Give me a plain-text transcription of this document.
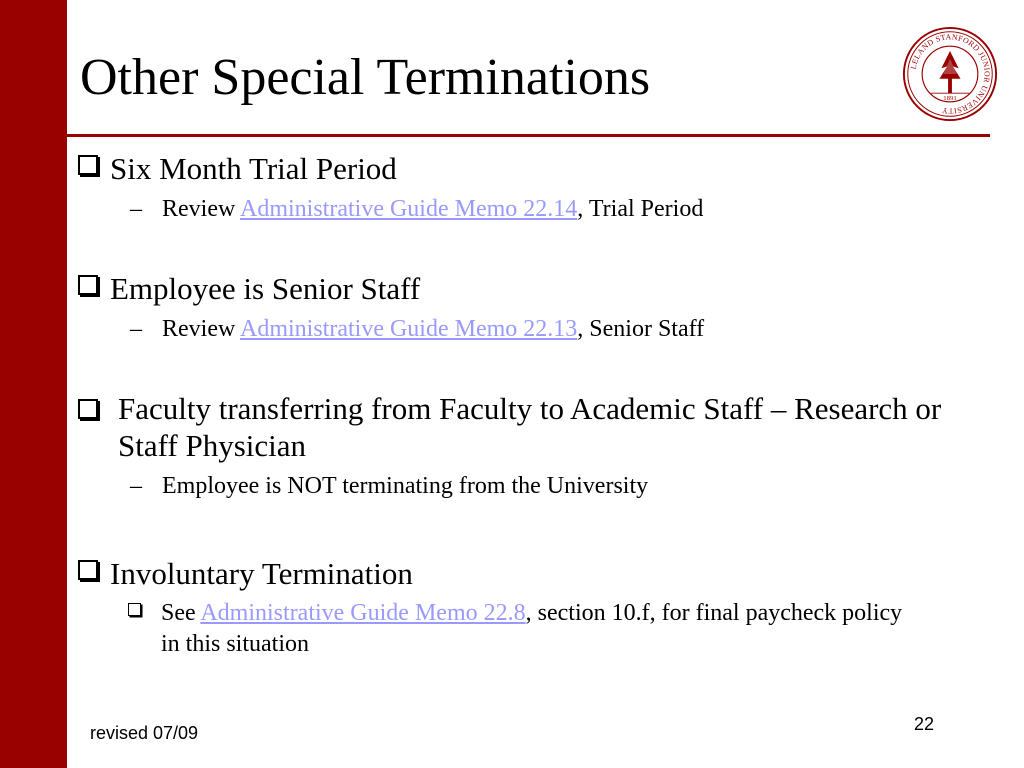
Other Special Terminations	LELAND STANFORD JUNIOR UNIVERSITY
1891
Six Month Trial Period
– Review Administrative Guide Memo 22.14, Trial Period
Employee is Senior Staff
– Review Administrative Guide Memo 22.13, Senior Staff
Faculty transferring from Faculty to Academic Staff – Research or Staff Physician
– Employee is NOT terminating from the University
Involuntary Termination
See Administrative Guide Memo 22.8, section 10.f, for final paycheck policy in this situation
revised 07/09	22
